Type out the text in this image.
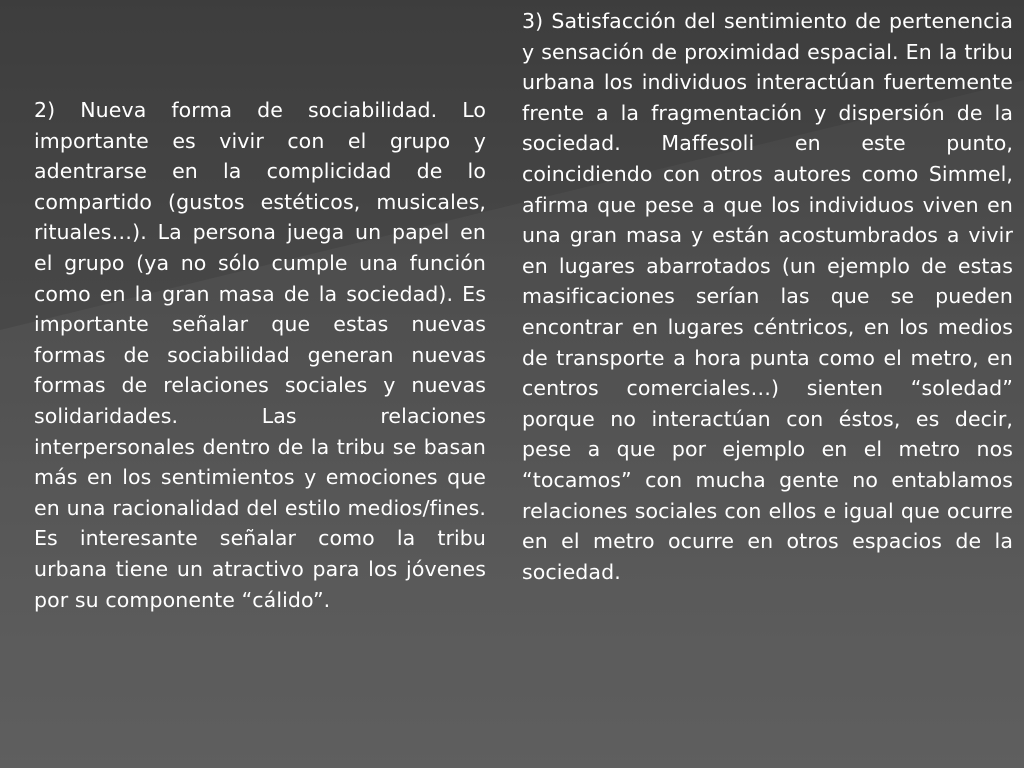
2) Nueva forma de sociabilidad. Lo importante es vivir con el grupo y adentrarse en la complicidad de lo compartido (gustos estéticos, musicales, rituales…). La persona juega un papel en el grupo (ya no sólo cumple una función como en la gran masa de la sociedad). Es importante señalar que estas nuevas formas de sociabilidad generan nuevas formas de relaciones sociales y nuevas solidaridades. Las relaciones interpersonales dentro de la tribu se basan más en los sentimientos y emociones que en una racionalidad del estilo medios/fines. Es interesante señalar como la tribu urbana tiene un atractivo para los jóvenes por su componente “cálido”.
3) Satisfacción del sentimiento de pertenencia y sensación de proximidad espacial. En la tribu urbana los individuos interactúan fuertemente frente a la fragmentación y dispersión de la sociedad. Maffesoli en este punto, coincidiendo con otros autores como Simmel, afirma que pese a que los individuos viven en una gran masa y están acostumbrados a vivir en lugares abarrotados (un ejemplo de estas masificaciones serían las que se pueden encontrar en lugares céntricos, en los medios de transporte a hora punta como el metro, en centros comerciales…) sienten “soledad” porque no interactúan con éstos, es decir, pese a que por ejemplo en el metro nos “tocamos” con mucha gente no entablamos relaciones sociales con ellos e igual que ocurre en el metro ocurre en otros espacios de la sociedad.
